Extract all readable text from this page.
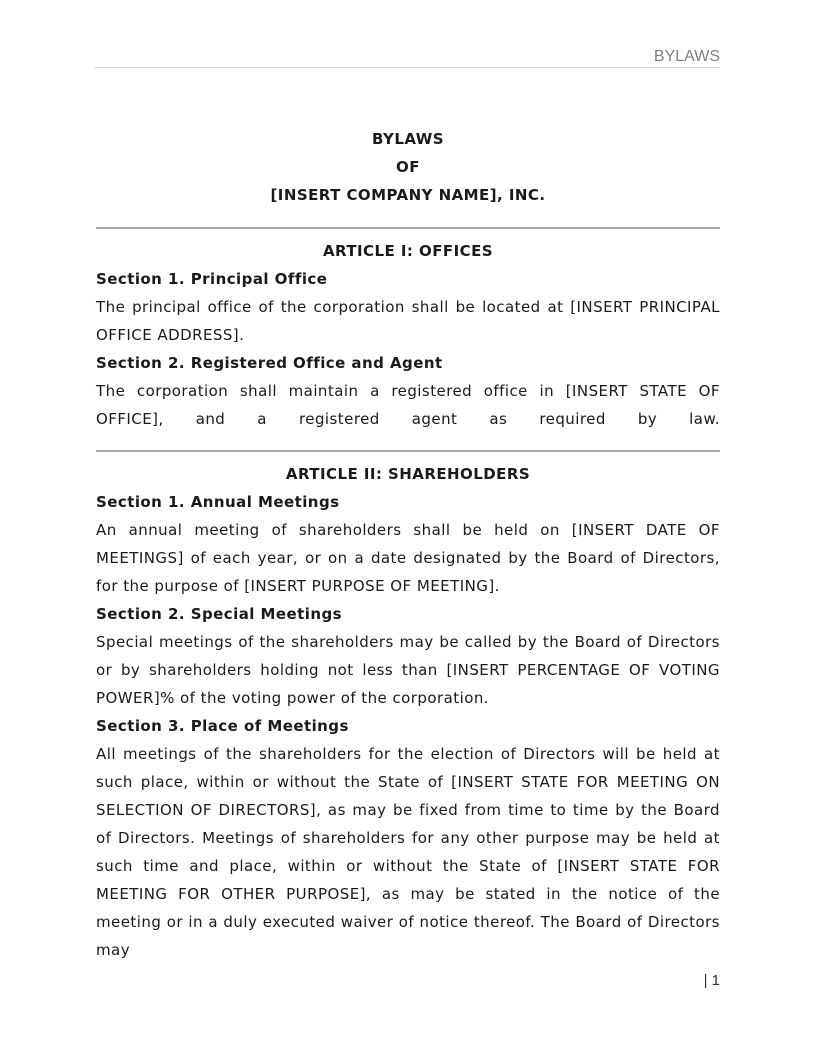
BYLAWS
BYLAWS
OF
[INSERT COMPANY NAME], INC.
ARTICLE I: OFFICES
Section 1. Principal Office

The principal office of the corporation shall be located at [INSERT PRINCIPAL OFFICE ADDRESS].

Section 2. Registered Office and Agent

The corporation shall maintain a registered office in [INSERT STATE OF OFFICE], and a registered agent as required by law.

ARTICLE II: SHAREHOLDERS
Section 1. Annual Meetings

An annual meeting of shareholders shall be held on [INSERT DATE OF MEETINGS] of each year, or on a date designated by the Board of Directors, for the purpose of [INSERT PURPOSE OF MEETING].

Section 2. Special Meetings

Special meetings of the shareholders may be called by the Board of Directors or by shareholders holding not less than [INSERT PERCENTAGE OF VOTING POWER]% of the voting power of the corporation.

Section 3. Place of Meetings

All meetings of the shareholders for the election of Directors will be held at such place, within or without the State of [INSERT STATE FOR MEETING ON SELECTION OF DIRECTORS], as may be fixed from time to time by the Board of Directors. Meetings of shareholders for any other purpose may be held at such time and place, within or without the State of [INSERT STATE FOR MEETING FOR OTHER PURPOSE], as may be stated in the notice of the meeting or in a duly executed waiver of notice thereof. The Board of Directors may

| 1
